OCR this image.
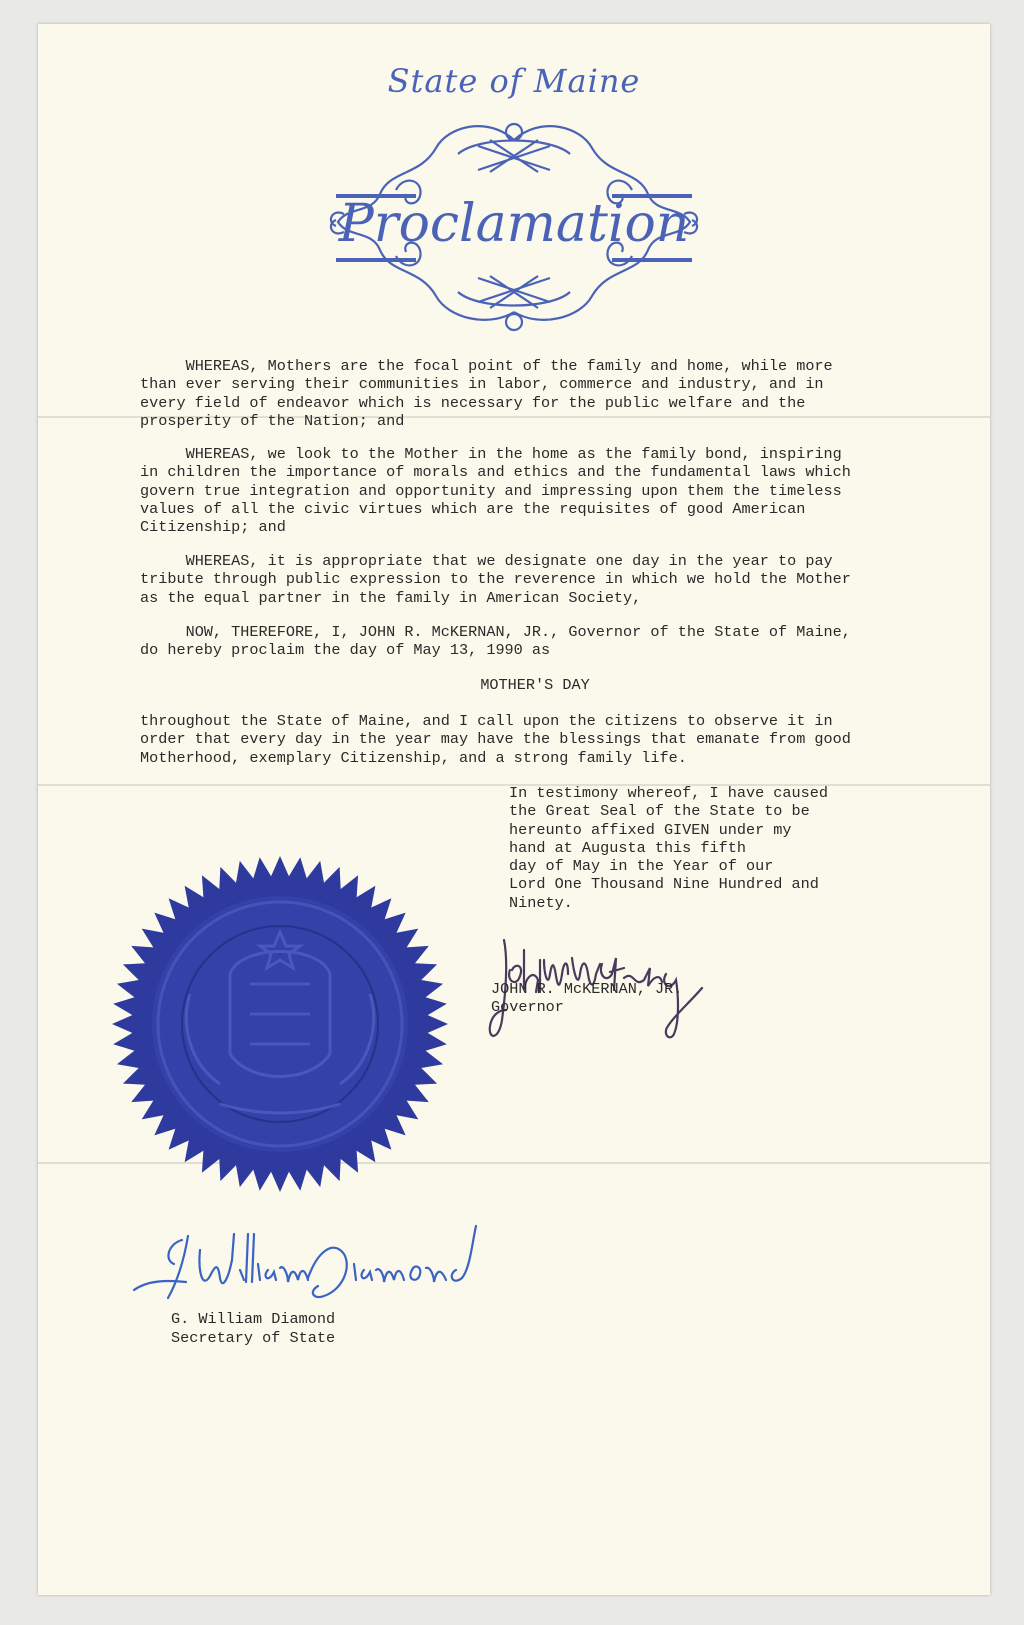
State of Maine
Proclamation

WHEREAS, Mothers are the focal point of the family and home, while more
than ever serving their communities in labor, commerce and industry, and in
every field of endeavor which is necessary for the public welfare and the
prosperity of the Nation; and

WHEREAS, we look to the Mother in the home as the family bond, inspiring
in children the importance of morals and ethics and the fundamental laws which
govern true integration and opportunity and impressing upon them the timeless
values of all the civic virtues which are the requisites of good American
Citizenship; and

WHEREAS, it is appropriate that we designate one day in the year to pay
tribute through public expression to the reverence in which we hold the Mother
as the equal partner in the family in American Society,

NOW, THEREFORE, I, JOHN R. McKERNAN, JR., Governor of the State of Maine,
do hereby proclaim the day of May 13, 1990 as

MOTHER'S DAY

throughout the State of Maine, and I call upon the citizens to observe it in
order that every day in the year may have the blessings that emanate from good
Motherhood, exemplary Citizenship, and a strong family life.

In testimony whereof, I have caused
the Great Seal of the State to be
hereunto affixed GIVEN under my
hand at Augusta this fifth
day of May in the Year of our
Lord One Thousand Nine Hundred and
Ninety.

JOHN R. McKERNAN, JR.

Governor

G. William Diamond

Secretary of State
